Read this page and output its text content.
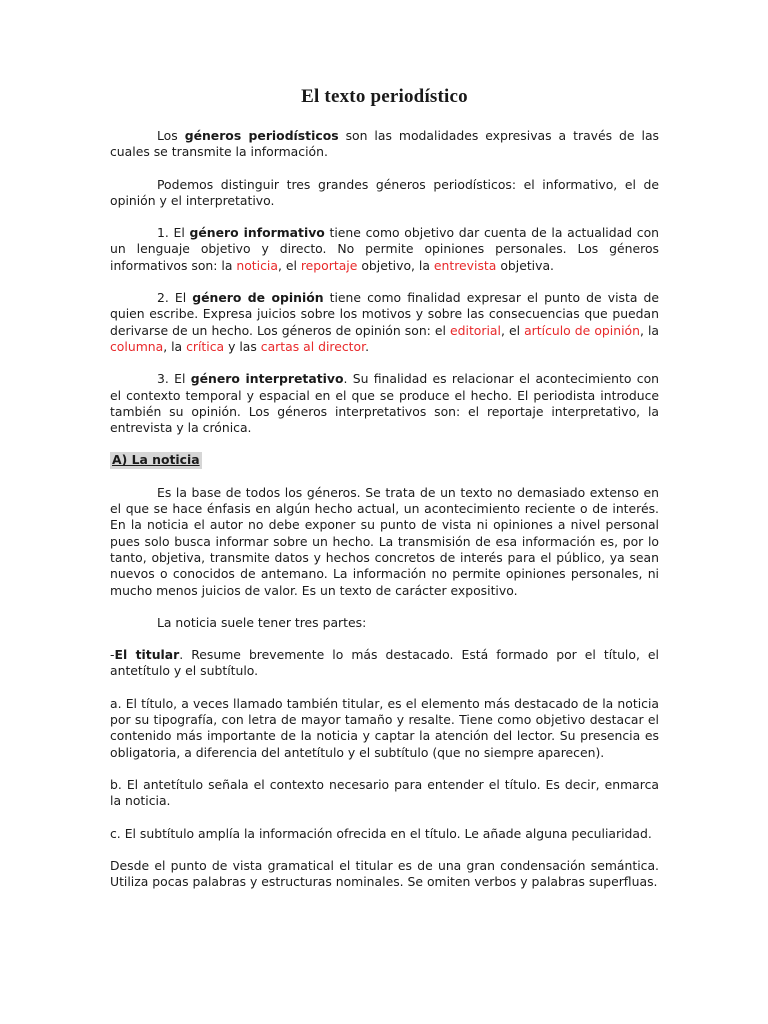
El texto periodístico

Los géneros periodísticos son las modalidades expresivas a través de las cuales se transmite la información.

Podemos distinguir tres grandes géneros periodísticos: el informativo, el de opinión y el interpretativo.

1. El género informativo tiene como objetivo dar cuenta de la actualidad con un lenguaje objetivo y directo. No permite opiniones personales. Los géneros informativos son: la noticia, el reportaje objetivo, la entrevista objetiva.

2. El género de opinión tiene como finalidad expresar el punto de vista de quien escribe. Expresa juicios sobre los motivos y sobre las consecuencias que puedan derivarse de un hecho. Los géneros de opinión son: el editorial, el artículo de opinión, la columna, la crítica y las cartas al director.

3. El género interpretativo. Su finalidad es relacionar el acontecimiento con el contexto temporal y espacial en el que se produce el hecho. El periodista introduce también su opinión. Los géneros interpretativos son: el reportaje interpretativo, la entrevista y la crónica.

A) La noticia

Es la base de todos los géneros. Se trata de un texto no demasiado extenso en el que se hace énfasis en algún hecho actual, un acontecimiento reciente o de interés. En la noticia el autor no debe exponer su punto de vista ni opiniones a nivel personal pues solo busca informar sobre un hecho. La transmisión de esa información es, por lo tanto, objetiva, transmite datos y hechos concretos de interés para el público, ya sean nuevos o conocidos de antemano. La información no permite opiniones personales, ni mucho menos juicios de valor. Es un texto de carácter expositivo.

La noticia suele tener tres partes:

-El titular. Resume brevemente lo más destacado. Está formado por el título, el antetítulo y el subtítulo.

a. El título, a veces llamado también titular, es el elemento más destacado de la noticia por su tipografía, con letra de mayor tamaño y resalte. Tiene como objetivo destacar el contenido más importante de la noticia y captar la atención del lector. Su presencia es obligatoria, a diferencia del antetítulo y el subtítulo (que no siempre aparecen).

b. El antetítulo señala el contexto necesario para entender el título. Es decir, enmarca la noticia.

c. El subtítulo amplía la información ofrecida en el título. Le añade alguna peculiaridad.

Desde el punto de vista gramatical el titular es de una gran condensación semántica. Utiliza pocas palabras y estructuras nominales. Se omiten verbos y palabras superfluas.
